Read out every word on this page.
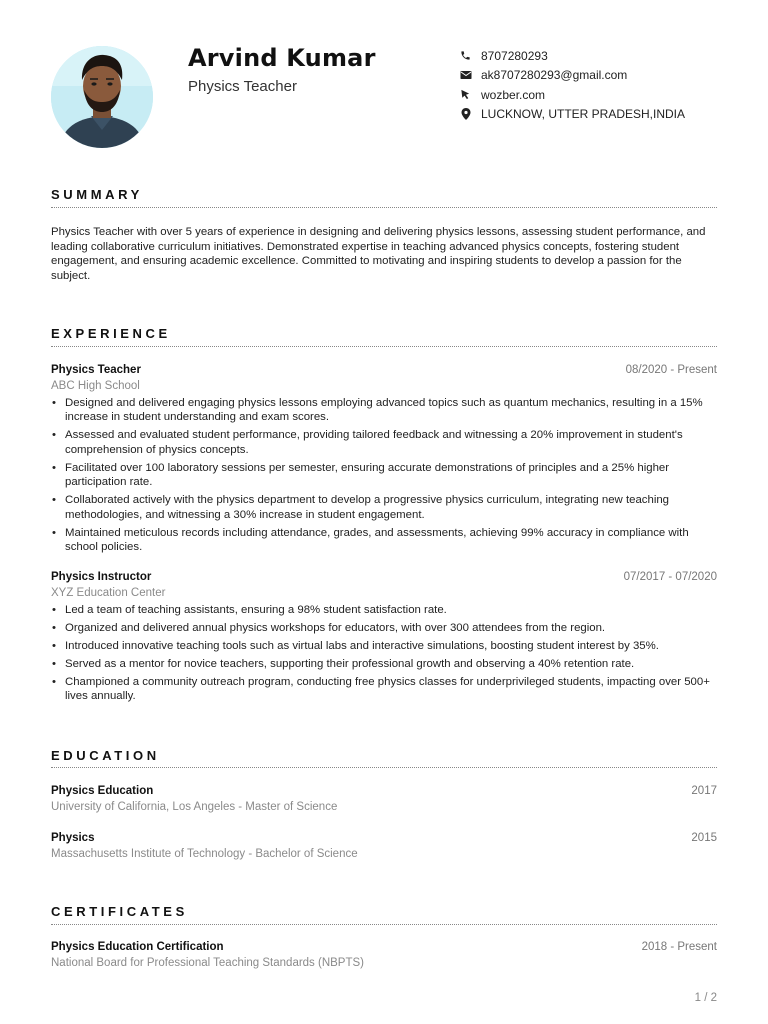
Arvind Kumar
Physics Teacher
8707280293
ak8707280293@gmail.com
wozber.com
LUCKNOW, UTTER PRADESH,INDIA
SUMMARY
Physics Teacher with over 5 years of experience in designing and delivering physics lessons, assessing student performance, and leading collaborative curriculum initiatives. Demonstrated expertise in teaching advanced physics concepts, fostering student engagement, and ensuring academic excellence. Committed to motivating and inspiring students to develop a passion for the subject.
EXPERIENCE
Physics Teacher	08/2020 - Present
ABC High School
• Designed and delivered engaging physics lessons employing advanced topics such as quantum mechanics, resulting in a 15% increase in student understanding and exam scores.
• Assessed and evaluated student performance, providing tailored feedback and witnessing a 20% improvement in student's comprehension of physics concepts.
• Facilitated over 100 laboratory sessions per semester, ensuring accurate demonstrations of principles and a 25% higher participation rate.
• Collaborated actively with the physics department to develop a progressive physics curriculum, integrating new teaching methodologies, and witnessing a 30% increase in student engagement.
• Maintained meticulous records including attendance, grades, and assessments, achieving 99% accuracy in compliance with school policies.
Physics Instructor	07/2017 - 07/2020
XYZ Education Center
• Led a team of teaching assistants, ensuring a 98% student satisfaction rate.
• Organized and delivered annual physics workshops for educators, with over 300 attendees from the region.
• Introduced innovative teaching tools such as virtual labs and interactive simulations, boosting student interest by 35%.
• Served as a mentor for novice teachers, supporting their professional growth and observing a 40% retention rate.
• Championed a community outreach program, conducting free physics classes for underprivileged students, impacting over 500+ lives annually.
EDUCATION
Physics Education	2017
University of California, Los Angeles - Master of Science
Physics	2015
Massachusetts Institute of Technology - Bachelor of Science
CERTIFICATES
Physics Education Certification	2018 - Present
National Board for Professional Teaching Standards (NBPTS)
1 / 2
